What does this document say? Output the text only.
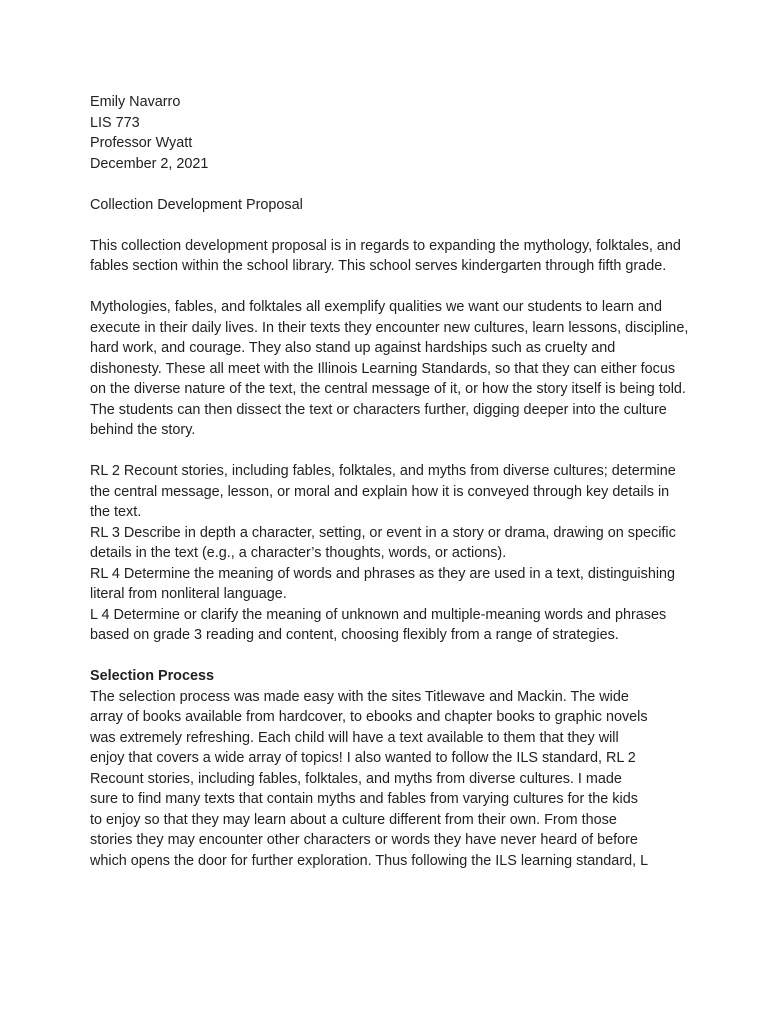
Emily Navarro
LIS 773
Professor Wyatt
December 2, 2021
Collection Development Proposal

This collection development proposal is in regards to expanding the mythology, folktales, and fables section within the school library. This school serves kindergarten through fifth grade.

Mythologies, fables, and folktales all exemplify qualities we want our students to learn and execute in their daily lives. In their texts they encounter new cultures, learn lessons, discipline, hard work, and courage. They also stand up against hardships such as cruelty and dishonesty. These all meet with the Illinois Learning Standards, so that they can either focus on the diverse nature of the text, the central message of it, or how the story itself is being told. The students can then dissect the text or characters further, digging deeper into the culture behind the story.

RL 2 Recount stories, including fables, folktales, and myths from diverse cultures; determine the central message, lesson, or moral and explain how it is conveyed through key details in the text.

RL 3 Describe in depth a character, setting, or event in a story or drama, drawing on specific details in the text (e.g., a character’s thoughts, words, or actions).

RL 4 Determine the meaning of words and phrases as they are used in a text, distinguishing literal from nonliteral language.

L 4 Determine or clarify the meaning of unknown and multiple-meaning words and phrases based on grade 3 reading and content, choosing flexibly from a range of strategies.

Selection Process
The selection process was made easy with the sites Titlewave and Mackin. The wide
array of books available from hardcover, to ebooks and chapter books to graphic novels
was extremely refreshing. Each child will have a text available to them that they will
enjoy that covers a wide array of topics! I also wanted to follow the ILS standard, RL 2
Recount stories, including fables, folktales, and myths from diverse cultures. I made
sure to find many texts that contain myths and fables from varying cultures for the kids
to enjoy so that they may learn about a culture different from their own. From those
stories they may encounter other characters or words they have never heard of before
which opens the door for further exploration. Thus following the ILS learning standard, L
